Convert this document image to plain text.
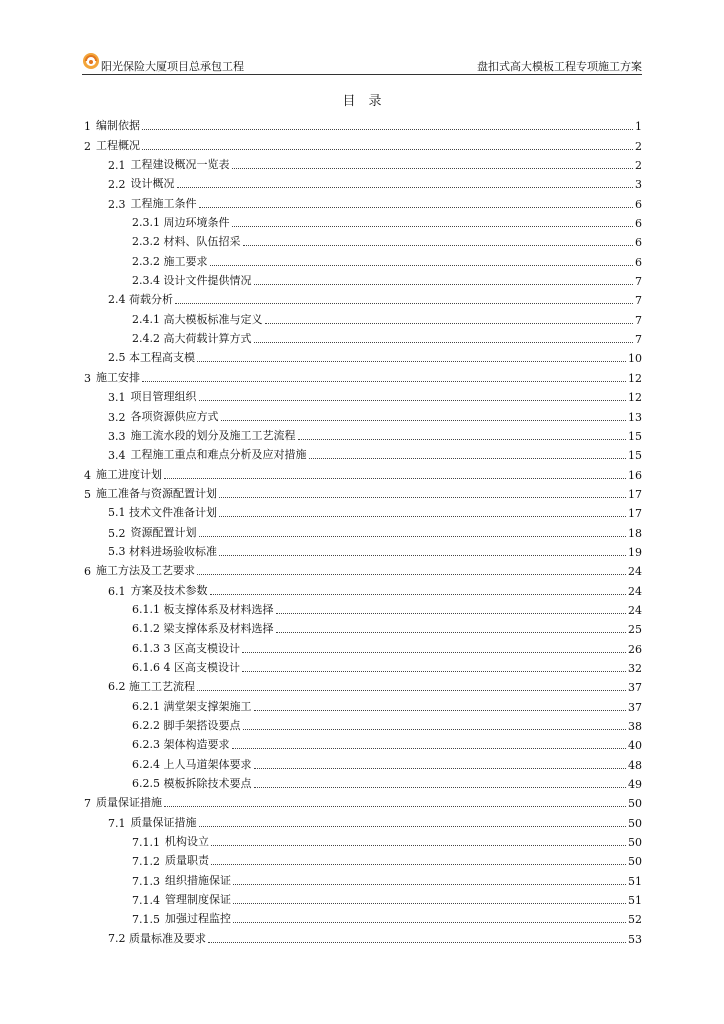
阳光保险大厦项目总承包工程	盘扣式高大模板工程专项施工方案
目　录
1 编制依据	1
2 工程概况	2
2.1 工程建设概况一览表	2
2.2 设计概况	3
2.3 工程施工条件	6
2.3.1 周边环境条件	6
2.3.2 材料、队伍招采	6
2.3.2 施工要求	6
2.3.4 设计文件提供情况	7
2.4 荷载分析	7
2.4.1 高大模板标准与定义	7
2.4.2 高大荷载计算方式	7
2.5 本工程高支模	10
3 施工安排	12
3.1 项目管理组织	12
3.2 各项资源供应方式	13
3.3 施工流水段的划分及施工工艺流程	15
3.4 工程施工重点和难点分析及应对措施	15
4 施工进度计划	16
5 施工准备与资源配置计划	17
5.1 技术文件准备计划	17
5.2 资源配置计划	18
5.3 材料进场验收标准	19
6 施工方法及工艺要求	24
6.1 方案及技术参数	24
6.1.1 板支撑体系及材料选择	24
6.1.2 梁支撑体系及材料选择	25
6.1.3 3 区高支模设计	26
6.1.6 4 区高支模设计	32
6.2 施工工艺流程	37
6.2.1 满堂架支撑架施工	37
6.2.2 脚手架搭设要点	38
6.2.3 架体构造要求	40
6.2.4 上人马道架体要求	48
6.2.5 模板拆除技术要点	49
7 质量保证措施	50
7.1 质量保证措施	50
7.1.1 机构设立	50
7.1.2 质量职责	50
7.1.3 组织措施保证	51
7.1.4 管理制度保证	51
7.1.5 加强过程监控	52
7.2 质量标准及要求	53
